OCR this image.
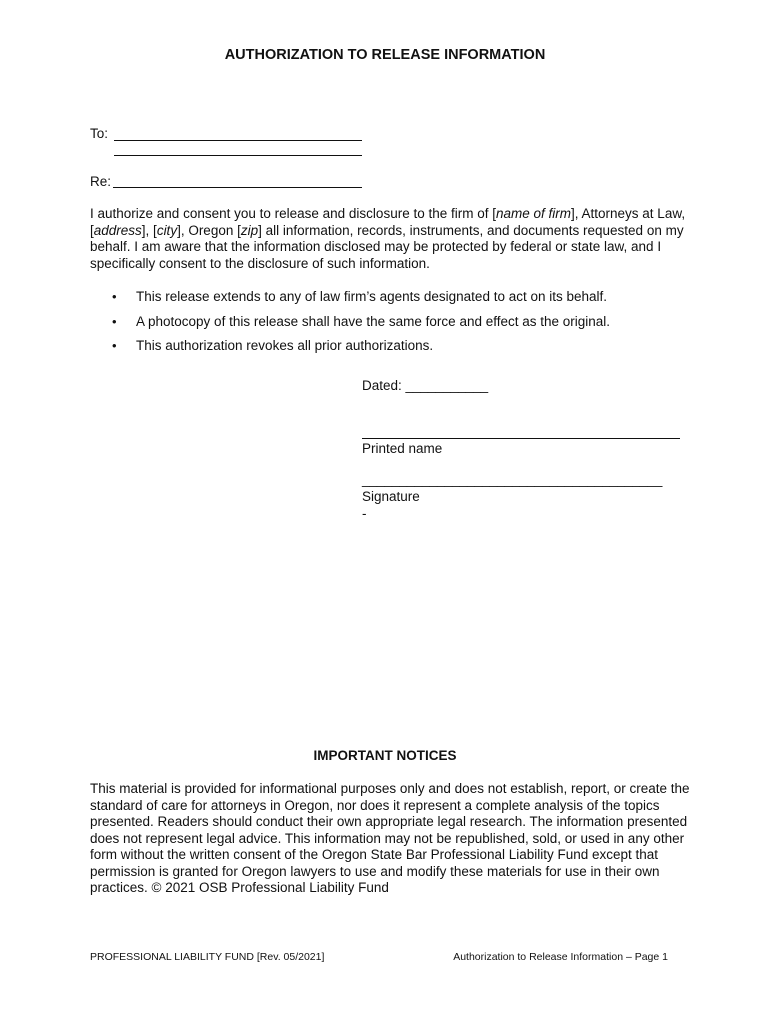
AUTHORIZATION TO RELEASE INFORMATION
To:
Re:
I authorize and consent you to release and disclosure to the firm of [name of firm], Attorneys at Law, [address], [city], Oregon [zip] all information, records, instruments, and documents requested on my behalf. I am aware that the information disclosed may be protected by federal or state law, and I specifically consent to the disclosure of such information.
• This release extends to any of law firm’s agents designated to act on its behalf.
• A photocopy of this release shall have the same force and effect as the original.
• This authorization revokes all prior authorizations.
Dated: ___________
Printed name
________________________________________
Signature
-
IMPORTANT NOTICES
This material is provided for informational purposes only and does not establish, report, or create the standard of care for attorneys in Oregon, nor does it represent a complete analysis of the topics presented. Readers should conduct their own appropriate legal research. The information presented does not represent legal advice. This information may not be republished, sold, or used in any other form without the written consent of the Oregon State Bar Professional Liability Fund except that permission is granted for Oregon lawyers to use and modify these materials for use in their own practices. © 2021 OSB Professional Liability Fund
PROFESSIONAL LIABILITY FUND [Rev. 05/2021]	Authorization to Release Information – Page 1
